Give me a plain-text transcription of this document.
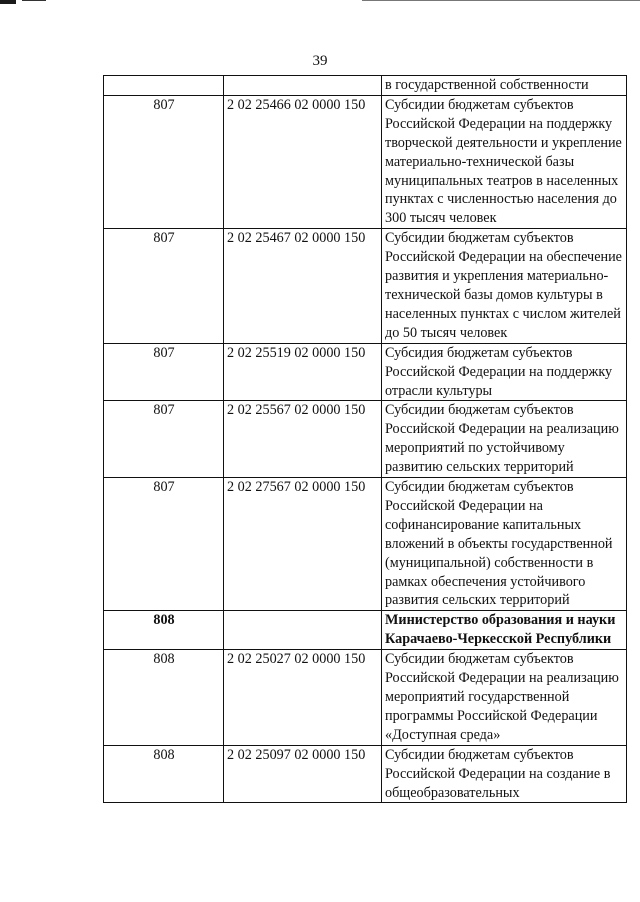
39
		в государственной собственности
807	2 02 25466 02 0000 150	Субсидии бюджетам субъектов Российской Федерации на поддержку творческой деятельности и укрепление материально-технической базы муниципальных театров в населенных пунктах с численностью населения до 300 тысяч человек
807	2 02 25467 02 0000 150	Субсидии бюджетам субъектов Российской Федерации на обеспечение развития и укрепления материально-технической базы домов культуры в населенных пунктах с числом жителей до 50 тысяч человек
807	2 02 25519 02 0000 150	Субсидия бюджетам субъектов Российской Федерации на поддержку отрасли культуры
807	2 02 25567 02 0000 150	Субсидии бюджетам субъектов Российской Федерации на реализацию мероприятий по устойчивому развитию сельских территорий
807	2 02 27567 02 0000 150	Субсидии бюджетам субъектов Российской Федерации на софинансирование капитальных вложений в объекты государственной (муниципальной) собственности в рамках обеспечения устойчивого развития сельских территорий
808		Министерство образования и науки Карачаево-Черкесской Республики
808	2 02 25027 02 0000 150	Субсидии бюджетам субъектов Российской Федерации на реализацию мероприятий государственной программы Российской Федерации «Доступная среда»
808	2 02 25097 02 0000 150	Субсидии бюджетам субъектов Российской Федерации на создание в общеобразовательных
